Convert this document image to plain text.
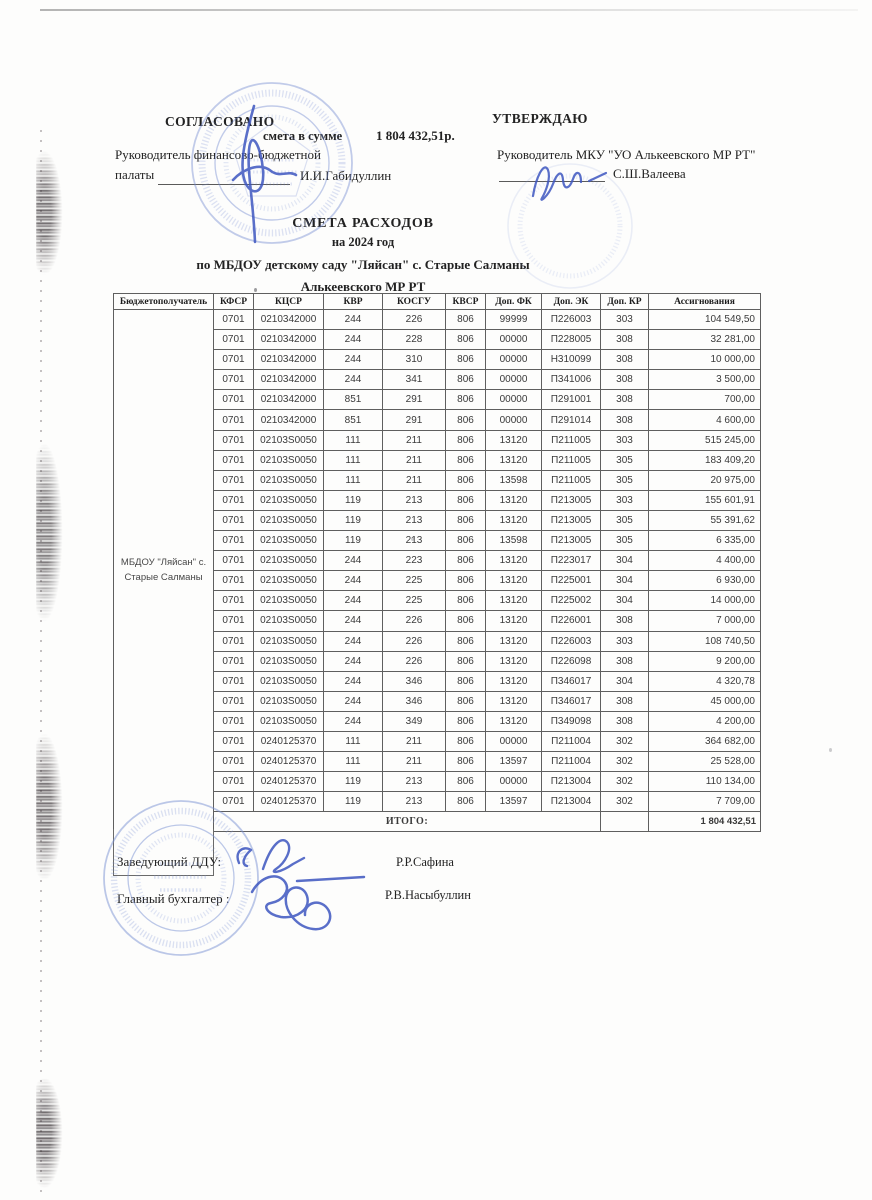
СОГЛАСОВАНО	УТВЕРЖДАЮ
смета в сумме	1 804 432,51р.
Руководитель финансово-бюджетной
палаты	И.И.Габидуллин
Руководитель МКУ "УО Алькеевского МР РТ"
С.Ш.Валеева
СМЕТА РАСХОДОВ
на 2024 год
по МБДОУ детскому саду "Ляйсан" с. Старые Салманы
Алькеевского МР РТ
Бюджетополучатель	КФСР	КЦСР	КВР	КОСГУ	КВСР	Доп. ФК	Доп. ЭК	Доп. КР	Ассигнования
МБДОУ "Ляйсан" с. Старые Салманы	0701	0210342000	244	226	806	99999	П226003	303	104 549,50
	0701	0210342000	244	228	806	00000	П228005	308	32 281,00
	0701	0210342000	244	310	806	00000	Н310099	308	10 000,00
	0701	0210342000	244	341	806	00000	П341006	308	3 500,00
	0701	0210342000	851	291	806	00000	П291001	308	700,00
	0701	0210342000	851	291	806	00000	П291014	308	4 600,00
	0701	02103S0050	111	211	806	13120	П211005	303	515 245,00
	0701	02103S0050	111	211	806	13120	П211005	305	183 409,20
	0701	02103S0050	111	211	806	13598	П211005	305	20 975,00
	0701	02103S0050	119	213	806	13120	П213005	303	155 601,91
	0701	02103S0050	119	213	806	13120	П213005	305	55 391,62
	0701	02103S0050	119	213	806	13598	П213005	305	6 335,00
	0701	02103S0050	244	223	806	13120	П223017	304	4 400,00
	0701	02103S0050	244	225	806	13120	П225001	304	6 930,00
	0701	02103S0050	244	225	806	13120	П225002	304	14 000,00
	0701	02103S0050	244	226	806	13120	П226001	308	7 000,00
	0701	02103S0050	244	226	806	13120	П226003	303	108 740,50
	0701	02103S0050	244	226	806	13120	П226098	308	9 200,00
	0701	02103S0050	244	346	806	13120	П346017	304	4 320,78
	0701	02103S0050	244	346	806	13120	П346017	308	45 000,00
	0701	02103S0050	244	349	806	13120	П349098	308	4 200,00
	0701	0240125370	111	211	806	00000	П211004	302	364 682,00
	0701	0240125370	111	211	806	13597	П211004	302	25 528,00
	0701	0240125370	119	213	806	00000	П213004	302	110 134,00
	0701	0240125370	119	213	806	13597	П213004	302	7 709,00
	ИТОГО:								1 804 432,51
Заведующий ДДУ:	Р.Р.Сафина
Главный бухгалтер :	Р.В.Насыбуллин
